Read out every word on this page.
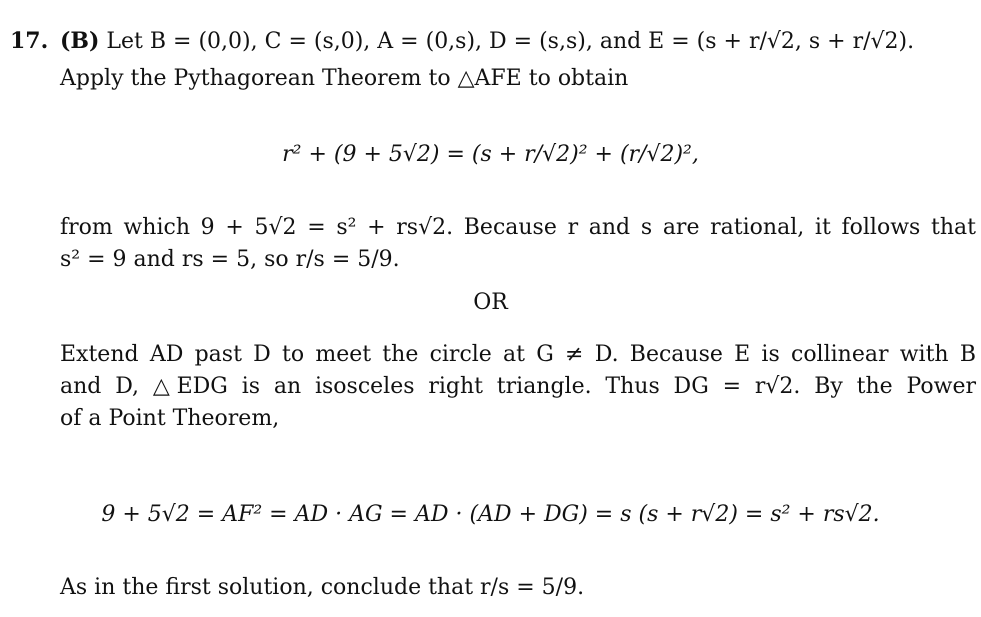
17. (B) Let B = (0,0), C = (s,0), A = (0,s), D = (s,s), and E = (s + r/√2, s + r/√2).
Apply the Pythagorean Theorem to △AFE to obtain
r² + (9 + 5√2) = (s + r/√2)² + (r/√2)²,
from which 9 + 5√2 = s² + rs√2. Because r and s are rational, it follows that
s² = 9 and rs = 5, so r/s = 5/9.
OR
Extend AD past D to meet the circle at G ≠ D. Because E is collinear with B
and D, △EDG is an isosceles right triangle. Thus DG = r√2. By the Power
of a Point Theorem,
9 + 5√2 = AF² = AD · AG = AD · (AD + DG) = s (s + r√2) = s² + rs√2.
As in the first solution, conclude that r/s = 5/9.
